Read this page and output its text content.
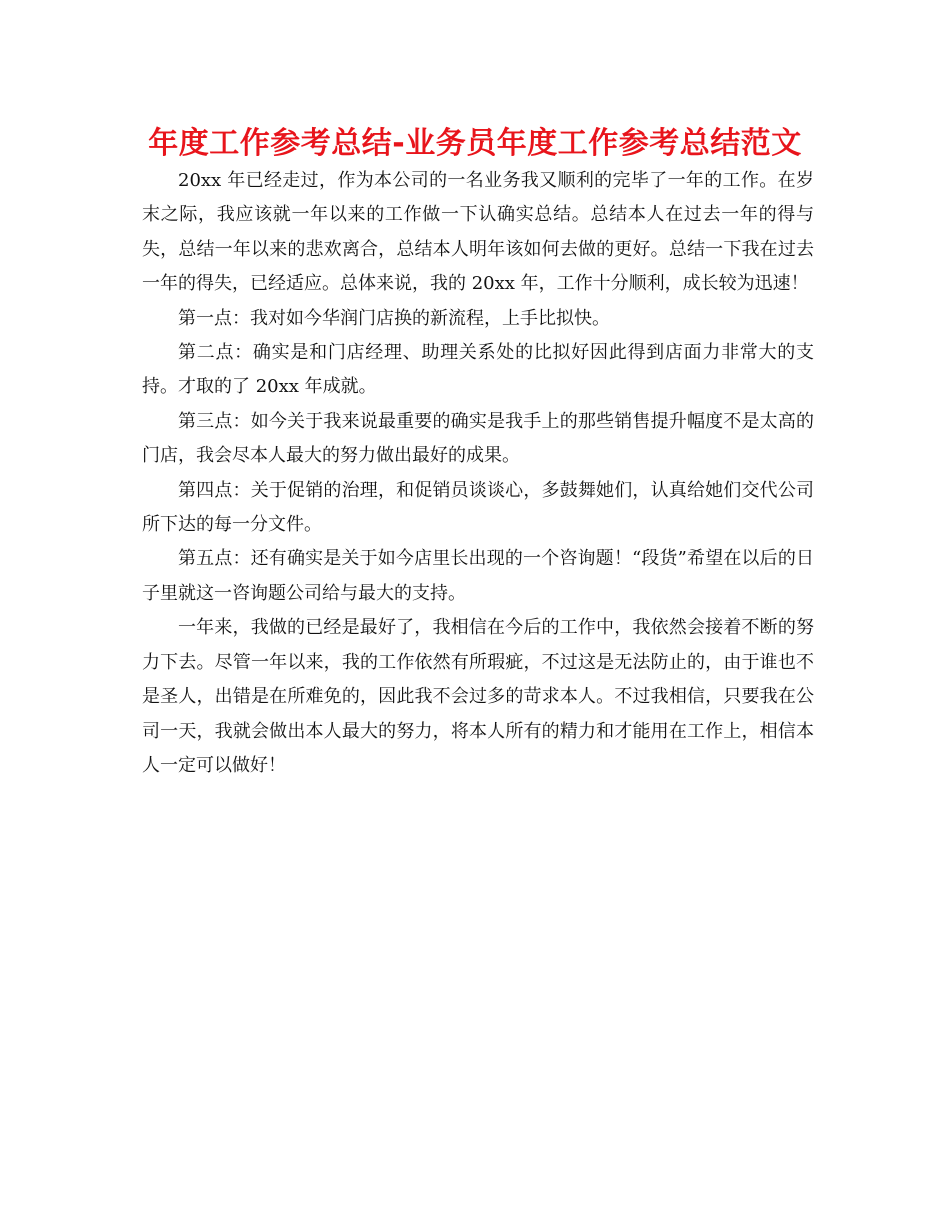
年度工作参考总结-业务员年度工作参考总结范文

20xx 年已经走过，作为本公司的一名业务我又顺利的完毕了一年的工作。在岁末之际，我应该就一年以来的工作做一下认确实总结。总结本人在过去一年的得与失，总结一年以来的悲欢离合，总结本人明年该如何去做的更好。总结一下我在过去一年的得失，已经适应。总体来说，我的 20xx 年，工作十分顺利，成长较为迅速！

第一点：我对如今华润门店换的新流程，上手比拟快。

第二点：确实是和门店经理、助理关系处的比拟好因此得到店面力非常大的支持。才取的了 20xx 年成就。

第三点：如今关于我来说最重要的确实是我手上的那些销售提升幅度不是太高的门店，我会尽本人最大的努力做出最好的成果。

第四点：关于促销的治理，和促销员谈谈心，多鼓舞她们，认真给她们交代公司所下达的每一分文件。

第五点：还有确实是关于如今店里长出现的一个咨询题！“段货”希望在以后的日子里就这一咨询题公司给与最大的支持。

一年来，我做的已经是最好了，我相信在今后的工作中，我依然会接着不断的努力下去。尽管一年以来，我的工作依然有所瑕疵，不过这是无法防止的，由于谁也不是圣人，出错是在所难免的，因此我不会过多的苛求本人。不过我相信，只要我在公司一天，我就会做出本人最大的努力，将本人所有的精力和才能用在工作上，相信本人一定可以做好！
